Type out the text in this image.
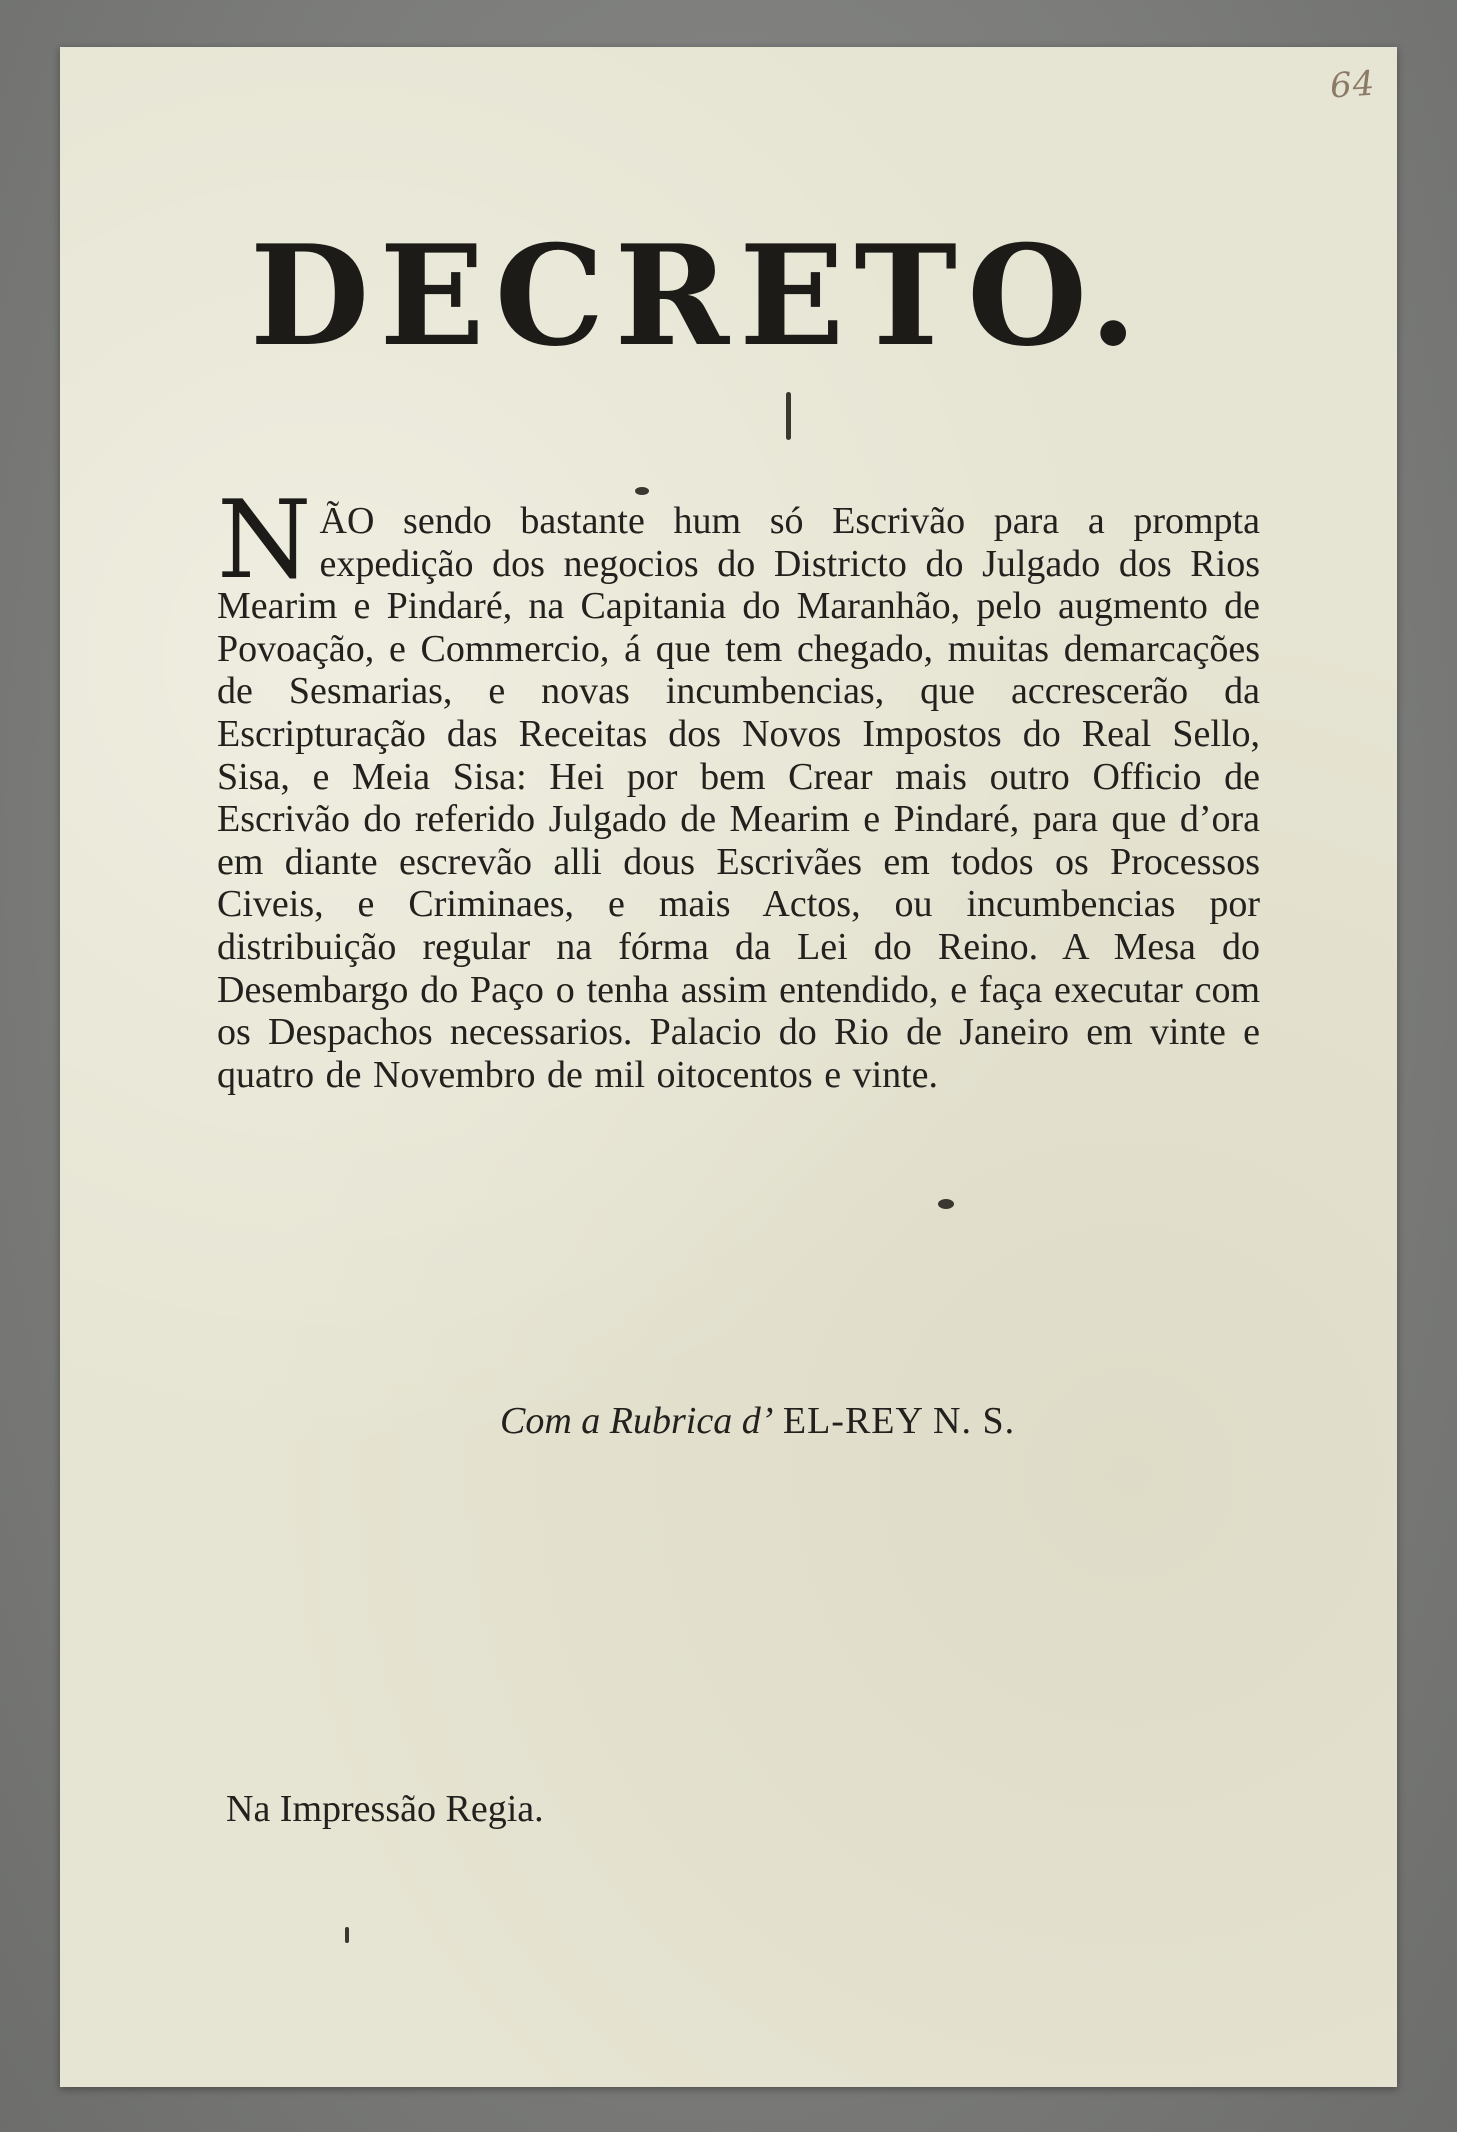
64
DECRETO.
N ÃO sendo bastante hum só Escrivão para a prompta expedição dos negocios do Districto do Julgado dos Rios Mearim e Pindaré, na Capitania do Maranhão, pelo augmento de Povoação, e Commercio, á que tem chegado, muitas demarcações de Sesmarias, e novas incumbencias, que accrescerão da Escripturação das Receitas dos Novos Impostos do Real Sello, Sisa, e Meia Sisa: Hei por bem Crear mais outro Officio de Escrivão do referido Julgado de Mearim e Pindaré, para que d’ora em diante escrevão alli dous Escrivães em todos os Processos Civeis, e Criminaes, e mais Actos, ou incumbencias por distribuição regular na fórma da Lei do Reino. A Mesa do Desembargo do Paço o tenha assim entendido, e faça executar com os Despachos necessarios. Palacio do Rio de Janeiro em vinte e quatro de Novembro de mil oitocentos e vinte.
Com a Rubrica d’ EL-REY N. S.
Na Impressão Regia.
